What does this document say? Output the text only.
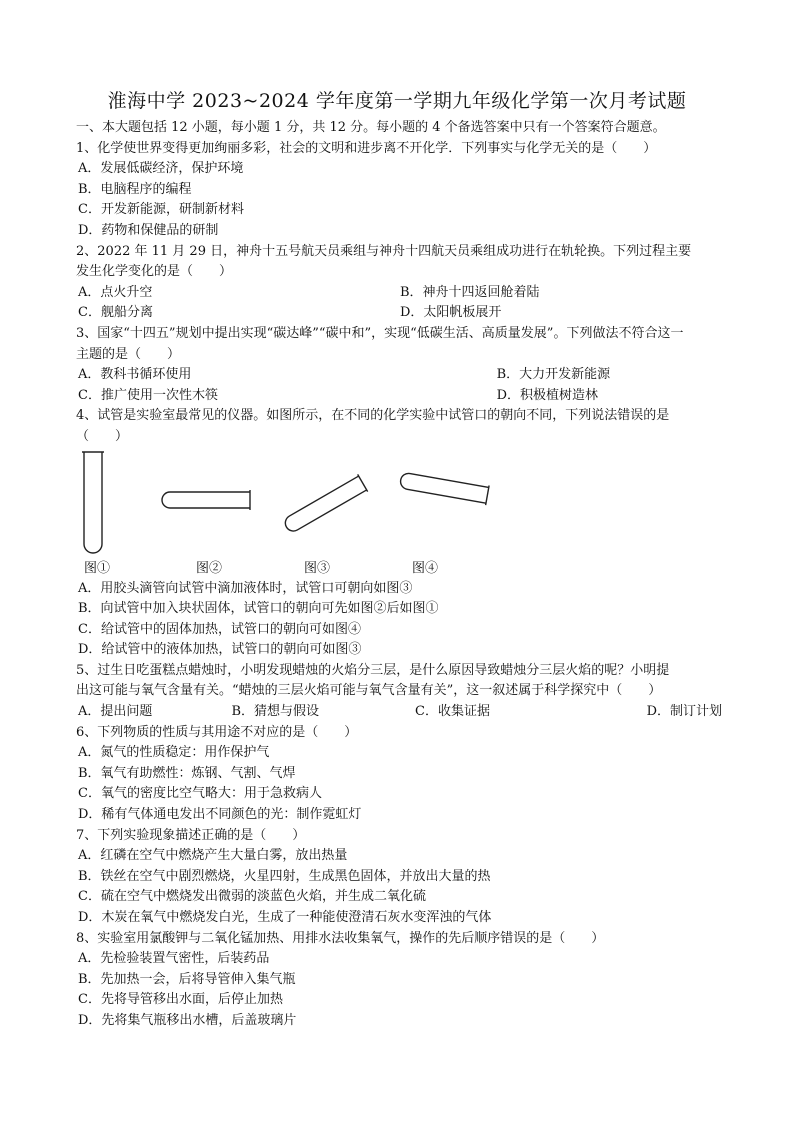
淮海中学 2023~2024 学年度第一学期九年级化学第一次月考试题
一、本大题包括 12 小题，每小题 1 分，共 12 分。每小题的 4 个备选答案中只有一个答案符合题意。
1、化学使世界变得更加绚丽多彩，社会的文明和进步离不开化学．下列事实与化学无关的是（　　）
A．发展低碳经济，保护环境
B．电脑程序的编程
C．开发新能源，研制新材料
D．药物和保健品的研制
2、2022 年 11 月 29 日，神舟十五号航天员乘组与神舟十四航天员乘组成功进行在轨轮换。下列过程主要
发生化学变化的是（　　）
A．点火升空	B．神舟十四返回舱着陆
C．舰船分离	D．太阳帆板展开
3、国家“十四五”规划中提出实现“碳达峰”“碳中和”，实现“低碳生活、高质量发展”。下列做法不符合这一
主题的是（　　）
A．教科书循环使用	B．大力开发新能源
C．推广使用一次性木筷	D．积极植树造林
4、试管是实验室最常见的仪器。如图所示，在不同的化学实验中试管口的朝向不同，下列说法错误的是
（　　）
图①	图②	图③	图④
A．用胶头滴管向试管中滴加液体时，试管口可朝向如图③
B．向试管中加入块状固体，试管口的朝向可先如图②后如图①
C．给试管中的固体加热，试管口的朝向可如图④
D．给试管中的液体加热，试管口的朝向可如图③
5、过生日吃蛋糕点蜡烛时，小明发现蜡烛的火焰分三层，是什么原因导致蜡烛分三层火焰的呢？小明提
出这可能与氧气含量有关。“蜡烛的三层火焰可能与氧气含量有关”，这一叙述属于科学探究中（　　）
A．提出问题	B．猜想与假设	C．收集证据	D．制订计划
6、下列物质的性质与其用途不对应的是（　　）
A．氮气的性质稳定：用作保护气
B．氧气有助燃性：炼钢、气割、气焊
C．氧气的密度比空气略大：用于急救病人
D．稀有气体通电发出不同颜色的光：制作霓虹灯
7、下列实验现象描述正确的是（　　）
A．红磷在空气中燃烧产生大量白雾，放出热量
B．铁丝在空气中剧烈燃烧，火星四射，生成黑色固体，并放出大量的热
C．硫在空气中燃烧发出微弱的淡蓝色火焰，并生成二氧化硫
D．木炭在氧气中燃烧发白光，生成了一种能使澄清石灰水变浑浊的气体
8、实验室用氯酸钾与二氧化锰加热、用排水法收集氧气，操作的先后顺序错误的是（　　）
A．先检验装置气密性，后装药品
B．先加热一会，后将导管伸入集气瓶
C．先将导管移出水面，后停止加热
D．先将集气瓶移出水槽，后盖玻璃片
